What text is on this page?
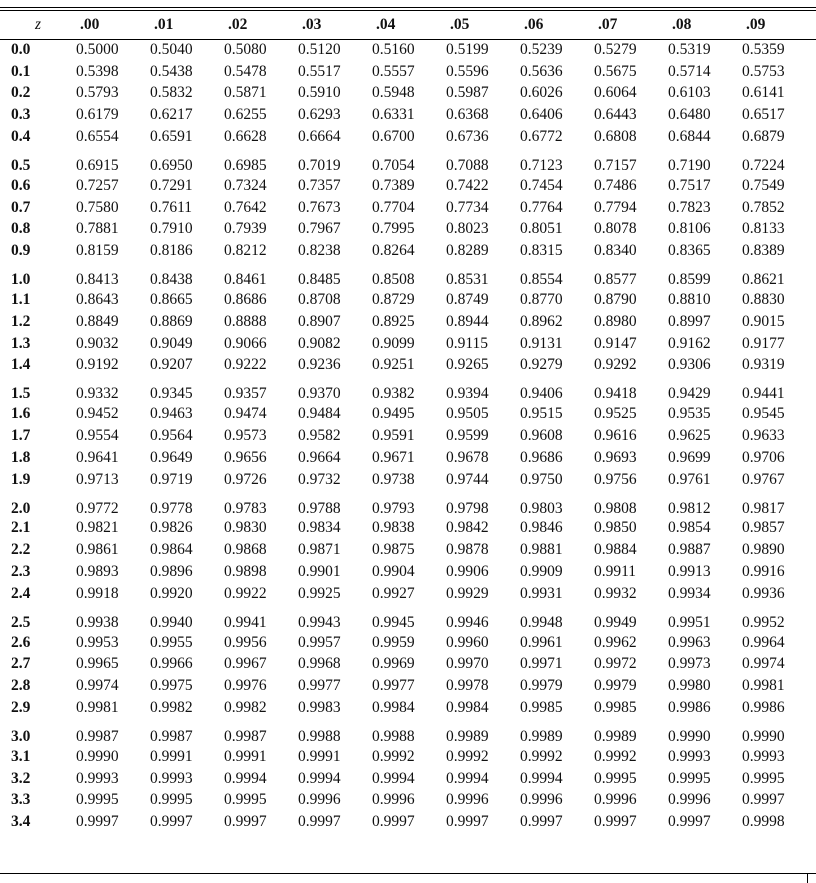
z	.00	.01	.02	.03	.04	.05	.06	.07	.08	.09
0.0	0.5000	0.5040	0.5080	0.5120	0.5160	0.5199	0.5239	0.5279	0.5319	0.5359
0.1	0.5398	0.5438	0.5478	0.5517	0.5557	0.5596	0.5636	0.5675	0.5714	0.5753
0.2	0.5793	0.5832	0.5871	0.5910	0.5948	0.5987	0.6026	0.6064	0.6103	0.6141
0.3	0.6179	0.6217	0.6255	0.6293	0.6331	0.6368	0.6406	0.6443	0.6480	0.6517
0.4	0.6554	0.6591	0.6628	0.6664	0.6700	0.6736	0.6772	0.6808	0.6844	0.6879
0.5	0.6915	0.6950	0.6985	0.7019	0.7054	0.7088	0.7123	0.7157	0.7190	0.7224
0.6	0.7257	0.7291	0.7324	0.7357	0.7389	0.7422	0.7454	0.7486	0.7517	0.7549
0.7	0.7580	0.7611	0.7642	0.7673	0.7704	0.7734	0.7764	0.7794	0.7823	0.7852
0.8	0.7881	0.7910	0.7939	0.7967	0.7995	0.8023	0.8051	0.8078	0.8106	0.8133
0.9	0.8159	0.8186	0.8212	0.8238	0.8264	0.8289	0.8315	0.8340	0.8365	0.8389
1.0	0.8413	0.8438	0.8461	0.8485	0.8508	0.8531	0.8554	0.8577	0.8599	0.8621
1.1	0.8643	0.8665	0.8686	0.8708	0.8729	0.8749	0.8770	0.8790	0.8810	0.8830
1.2	0.8849	0.8869	0.8888	0.8907	0.8925	0.8944	0.8962	0.8980	0.8997	0.9015
1.3	0.9032	0.9049	0.9066	0.9082	0.9099	0.9115	0.9131	0.9147	0.9162	0.9177
1.4	0.9192	0.9207	0.9222	0.9236	0.9251	0.9265	0.9279	0.9292	0.9306	0.9319
1.5	0.9332	0.9345	0.9357	0.9370	0.9382	0.9394	0.9406	0.9418	0.9429	0.9441
1.6	0.9452	0.9463	0.9474	0.9484	0.9495	0.9505	0.9515	0.9525	0.9535	0.9545
1.7	0.9554	0.9564	0.9573	0.9582	0.9591	0.9599	0.9608	0.9616	0.9625	0.9633
1.8	0.9641	0.9649	0.9656	0.9664	0.9671	0.9678	0.9686	0.9693	0.9699	0.9706
1.9	0.9713	0.9719	0.9726	0.9732	0.9738	0.9744	0.9750	0.9756	0.9761	0.9767
2.0	0.9772	0.9778	0.9783	0.9788	0.9793	0.9798	0.9803	0.9808	0.9812	0.9817
2.1	0.9821	0.9826	0.9830	0.9834	0.9838	0.9842	0.9846	0.9850	0.9854	0.9857
2.2	0.9861	0.9864	0.9868	0.9871	0.9875	0.9878	0.9881	0.9884	0.9887	0.9890
2.3	0.9893	0.9896	0.9898	0.9901	0.9904	0.9906	0.9909	0.9911	0.9913	0.9916
2.4	0.9918	0.9920	0.9922	0.9925	0.9927	0.9929	0.9931	0.9932	0.9934	0.9936
2.5	0.9938	0.9940	0.9941	0.9943	0.9945	0.9946	0.9948	0.9949	0.9951	0.9952
2.6	0.9953	0.9955	0.9956	0.9957	0.9959	0.9960	0.9961	0.9962	0.9963	0.9964
2.7	0.9965	0.9966	0.9967	0.9968	0.9969	0.9970	0.9971	0.9972	0.9973	0.9974
2.8	0.9974	0.9975	0.9976	0.9977	0.9977	0.9978	0.9979	0.9979	0.9980	0.9981
2.9	0.9981	0.9982	0.9982	0.9983	0.9984	0.9984	0.9985	0.9985	0.9986	0.9986
3.0	0.9987	0.9987	0.9987	0.9988	0.9988	0.9989	0.9989	0.9989	0.9990	0.9990
3.1	0.9990	0.9991	0.9991	0.9991	0.9992	0.9992	0.9992	0.9992	0.9993	0.9993
3.2	0.9993	0.9993	0.9994	0.9994	0.9994	0.9994	0.9994	0.9995	0.9995	0.9995
3.3	0.9995	0.9995	0.9995	0.9996	0.9996	0.9996	0.9996	0.9996	0.9996	0.9997
3.4	0.9997	0.9997	0.9997	0.9997	0.9997	0.9997	0.9997	0.9997	0.9997	0.9998
